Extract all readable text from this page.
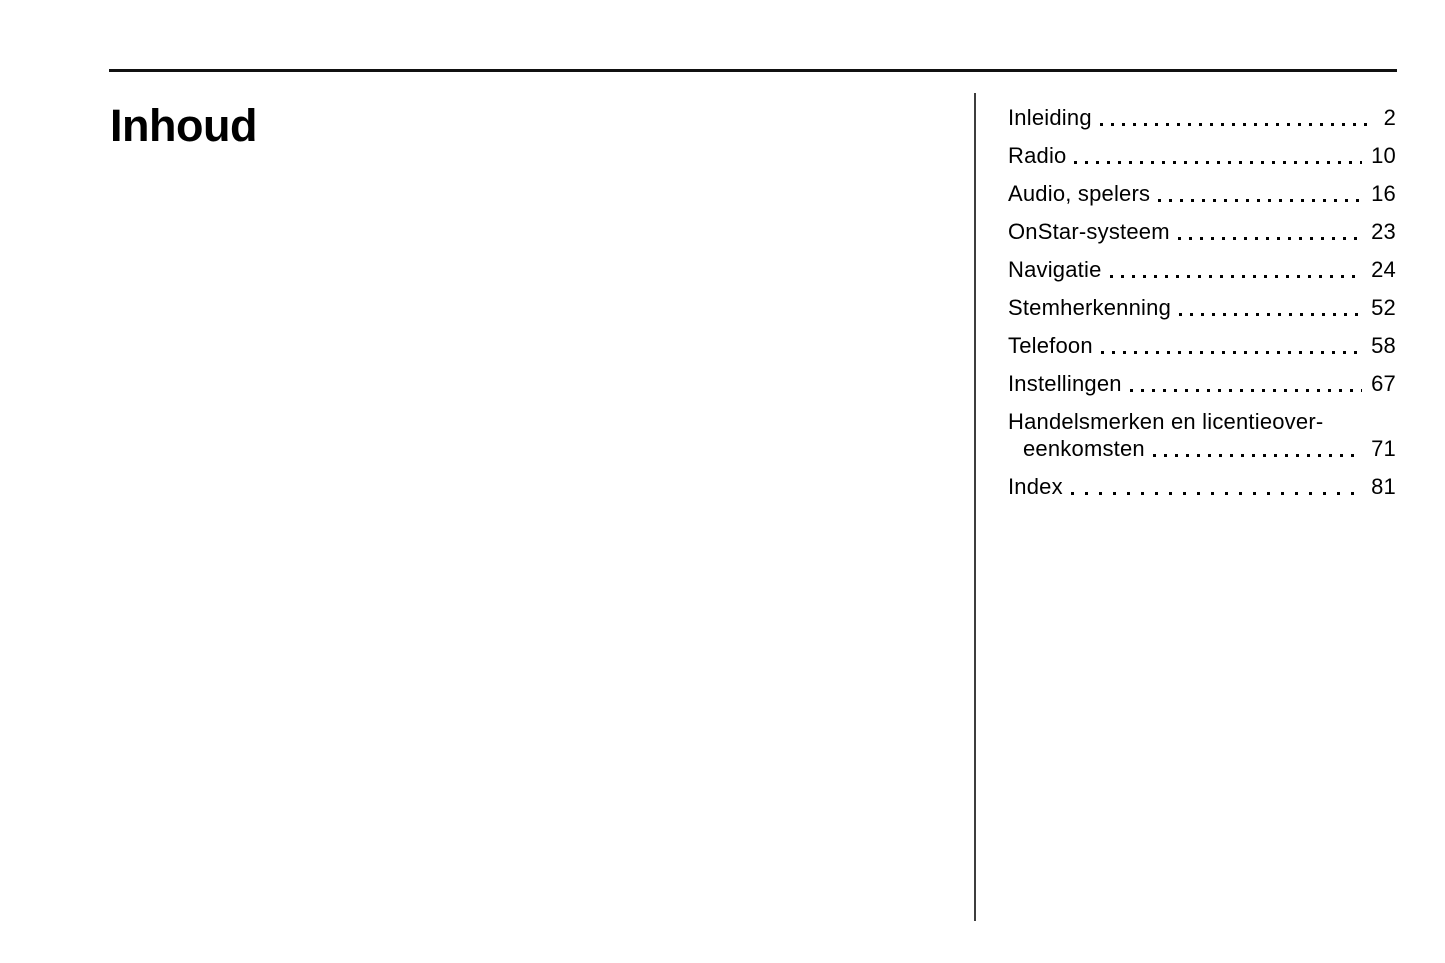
Inhoud	Inleiding	2
Radio	10
Audio, spelers	16
OnStar-systeem	23
Navigatie	24
Stemherkenning	52
Telefoon	58
Instellingen	67
Handelsmerken en licentieover-
eenkomsten	71
Index	81
